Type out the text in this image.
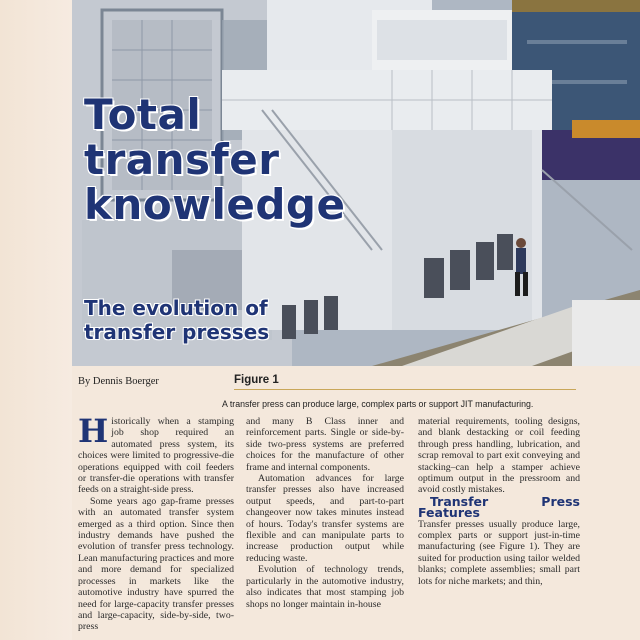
Total
transfer
knowledge
The evolution of
transfer presses
By Dennis Boerger	Figure 1
A transfer press can produce large, complex parts or support JIT manufacturing.

Historically when a stamping job shop required an automated press system, its choices were limited to progressive-die operations equipped with coil feeders or transfer-die operations with transfer feeds on a straight-side press.

Some years ago gap-frame presses with an automated transfer system emerged as a third option. Since then industry demands have pushed the evolution of transfer press technology. Lean manufacturing practices and more and more demand for specialized processes in markets like the automotive industry have spurred the need for large-capacity transfer presses and large-capacity, side-by-side, two-press

and many B Class inner and reinforcement parts. Single or side-by-side two-press systems are preferred choices for the manufacture of other frame and internal components.

Automation advances for large transfer presses also have increased output speeds, and part-to-part changeover now takes minutes instead of hours. Today's transfer systems are flexible and can manipulate parts to increase production output while reducing waste.

Evolution of technology trends, particularly in the automotive industry, also indicates that most stamping job shops no longer maintain in-house

material requirements, tooling designs, and blank destacking or coil feeding through press handling, lubrication, and scrap removal to part exit conveying and stacking–can help a stamper achieve optimum output in the pressroom and avoid costly mistakes.

Transfer Press Features

Transfer presses usually produce large, complex parts or support just-in-time manufacturing (see Figure 1). They are suited for production using tailor welded blanks; complete assemblies; small part lots for niche markets; and thin,
